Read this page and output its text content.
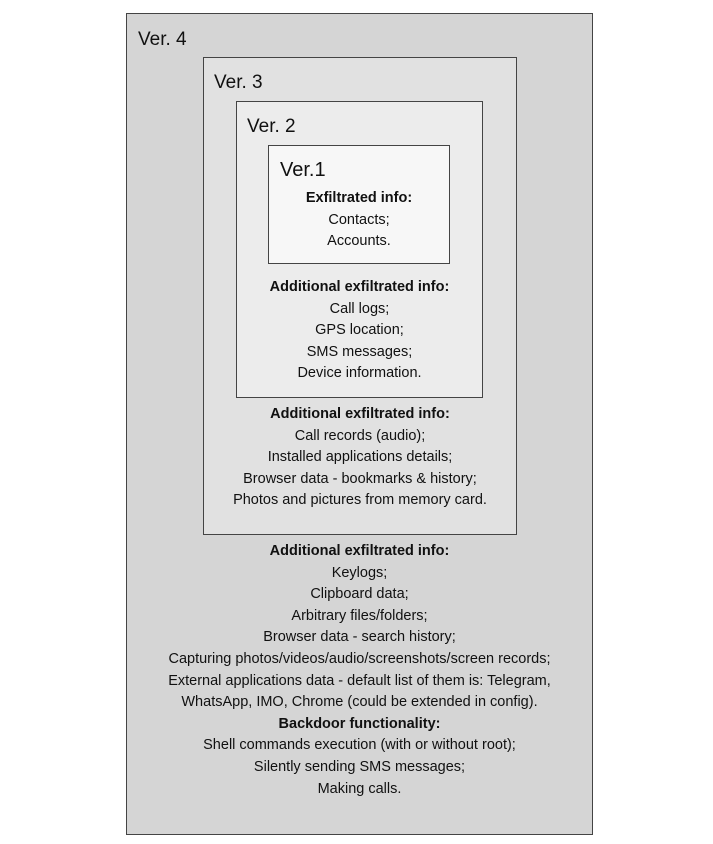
Ver. 4
Ver. 3
Ver. 2
Ver.1
Exfiltrated info:
Contacts;
Accounts.
Additional exfiltrated info:
Call logs;
GPS location;
SMS messages;
Device information.
Additional exfiltrated info:
Call records (audio);
Installed applications details;
Browser data - bookmarks & history;
Photos and pictures from memory card.
Additional exfiltrated info:
Keylogs;
Clipboard data;
Arbitrary files/folders;
Browser data - search history;
Capturing photos/videos/audio/screenshots/screen records;
External applications data - default list of them is: Telegram,
WhatsApp, IMO, Chrome (could be extended in config).
Backdoor functionality:
Shell commands execution (with or without root);
Silently sending SMS messages;
Making calls.
